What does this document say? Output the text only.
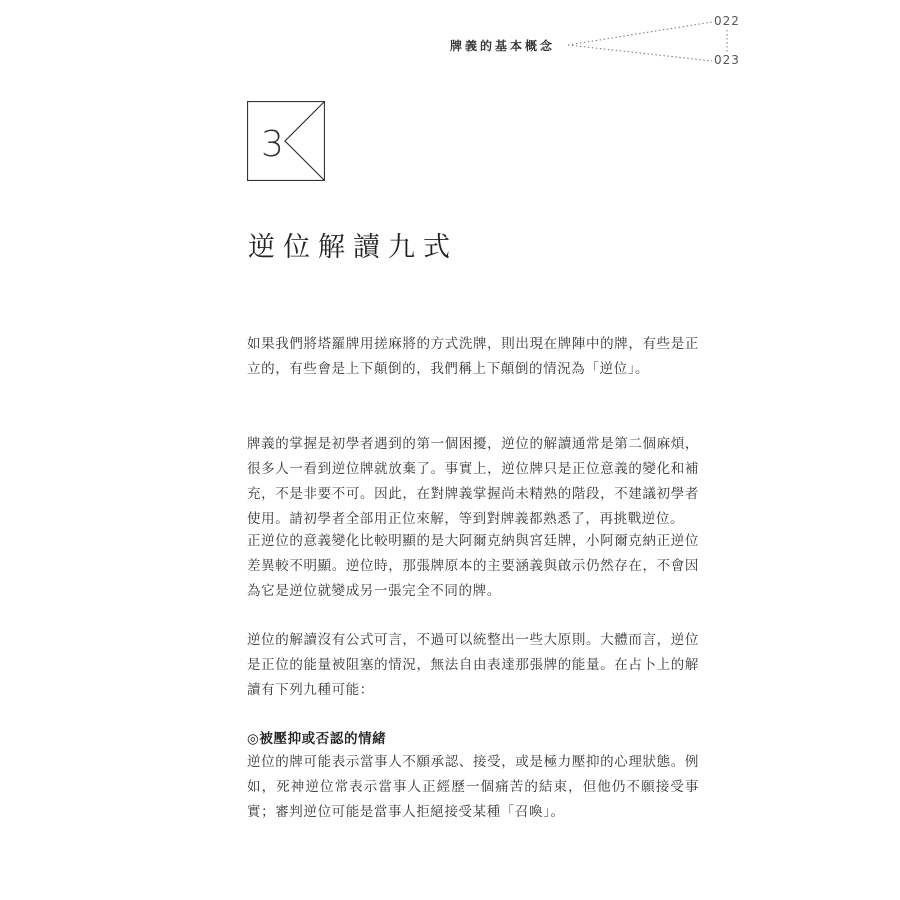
牌義的基本概念
022
023
3
逆位解讀九式

如果我們將塔羅牌用搓麻將的方式洗牌，則出現在牌陣中的牌，有些是正立的，有些會是上下顛倒的，我們稱上下顛倒的情況為「逆位」。

牌義的掌握是初學者遇到的第一個困擾，逆位的解讀通常是第二個麻煩，很多人一看到逆位牌就放棄了。事實上，逆位牌只是正位意義的變化和補充，不是非要不可。因此，在對牌義掌握尚未精熟的階段，不建議初學者使用。請初學者全部用正位來解，等到對牌義都熟悉了，再挑戰逆位。

正逆位的意義變化比較明顯的是大阿爾克納與宮廷牌，小阿爾克納正逆位差異較不明顯。逆位時，那張牌原本的主要涵義與啟示仍然存在，不會因為它是逆位就變成另一張完全不同的牌。

逆位的解讀沒有公式可言，不過可以統整出一些大原則。大體而言，逆位是正位的能量被阻塞的情況，無法自由表達那張牌的能量。在占卜上的解讀有下列九種可能：

◎被壓抑或否認的情緒

逆位的牌可能表示當事人不願承認、接受，或是極力壓抑的心理狀態。例如，死神逆位常表示當事人正經歷一個痛苦的結束，但他仍不願接受事實；審判逆位可能是當事人拒絕接受某種「召喚」。
